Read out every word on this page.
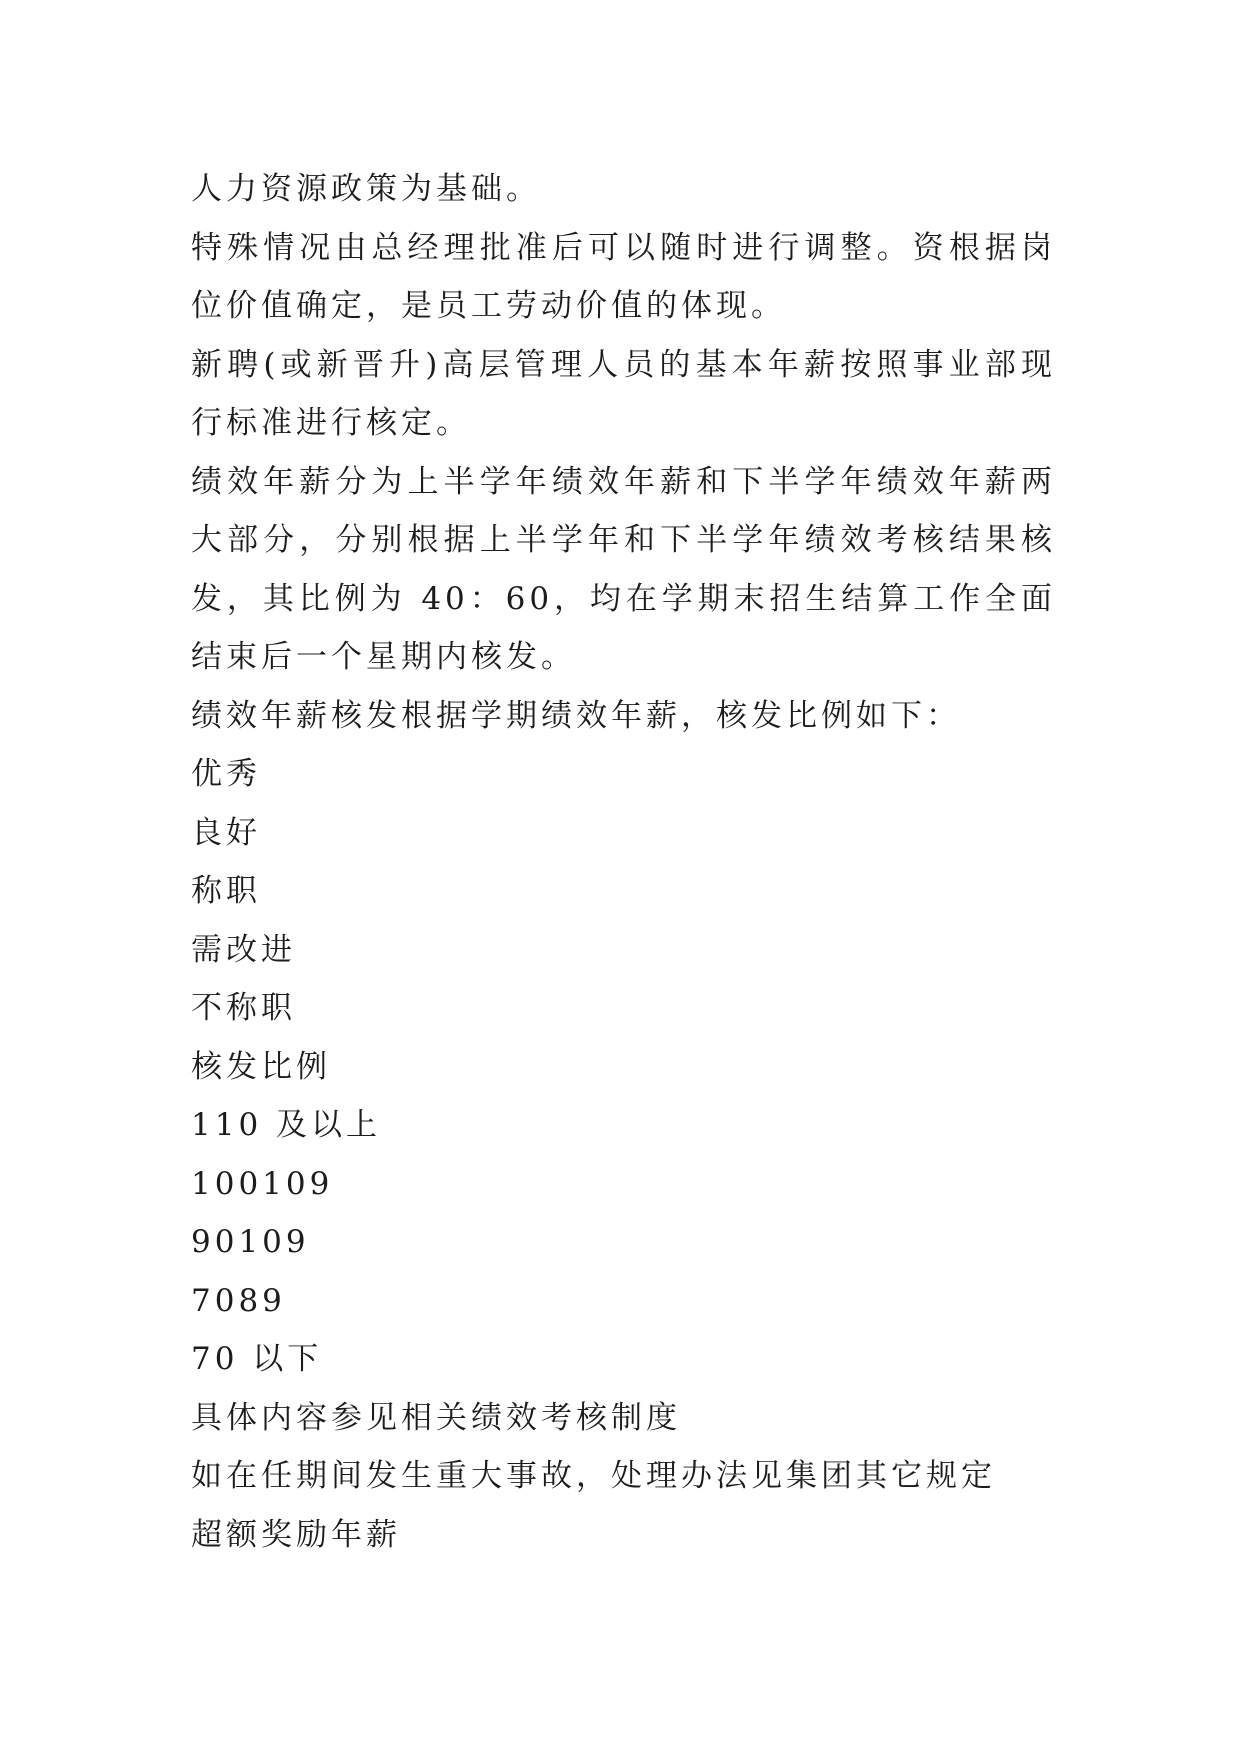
人力资源政策为基础。

特殊情况由总经理批准后可以随时进行调整。资根据岗位价值确定，是员工劳动价值的体现。

新聘(或新晋升)高层管理人员的基本年薪按照事业部现行标准进行核定。

绩效年薪分为上半学年绩效年薪和下半学年绩效年薪两大部分，分别根据上半学年和下半学年绩效考核结果核发，其比例为 40：60，均在学期末招生结算工作全面结束后一个星期内核发。

绩效年薪核发根据学期绩效年薪，核发比例如下：

优秀

良好

称职

需改进

不称职

核发比例

110 及以上

100109

90109

7089

70 以下

具体内容参见相关绩效考核制度

如在任期间发生重大事故，处理办法见集团其它规定

超额奖励年薪
